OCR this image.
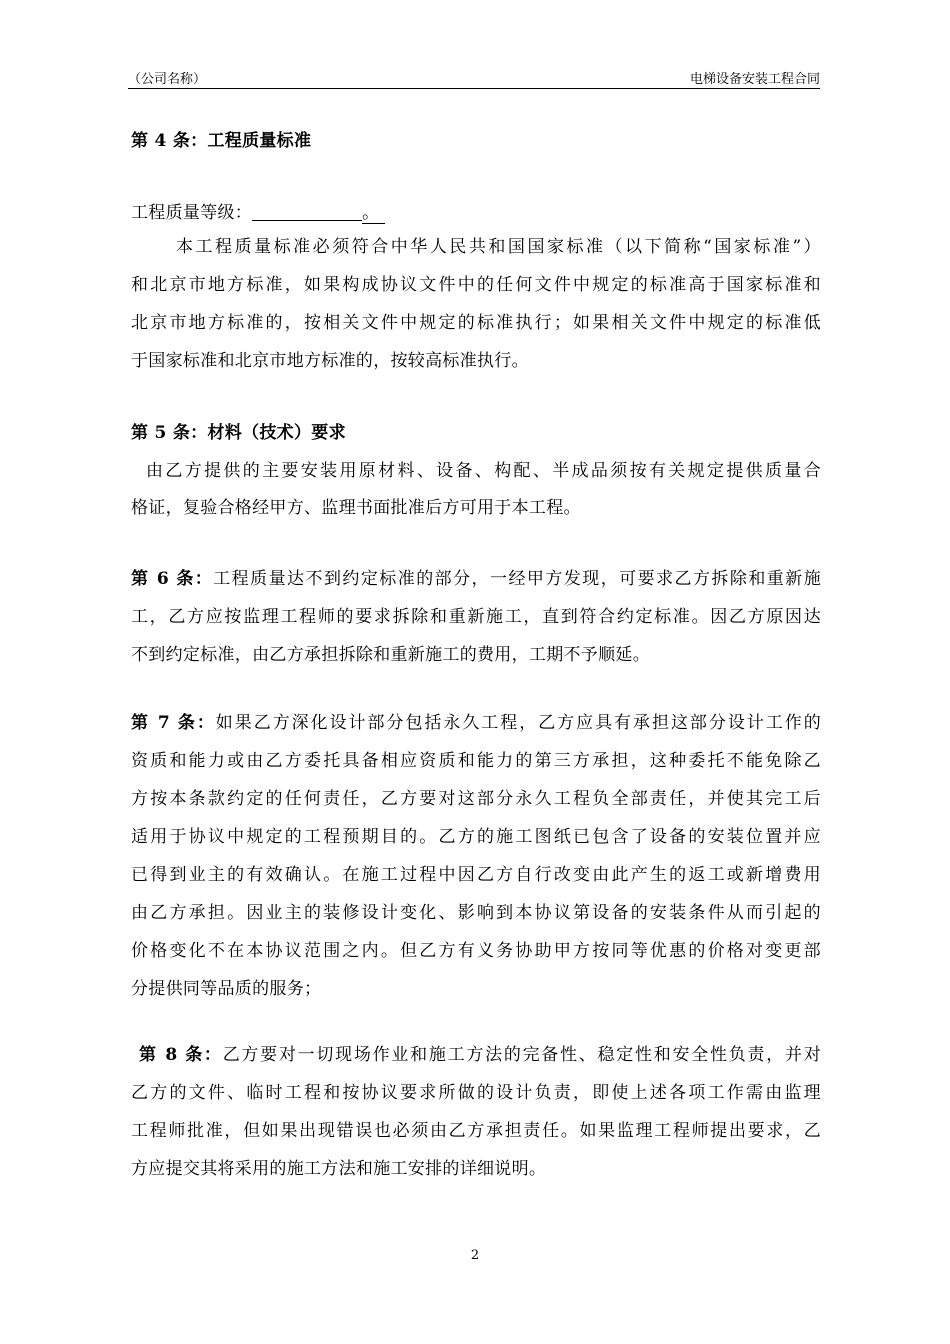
（公司名称）	电梯设备安装工程合同
第 4 条：工程质量标准
工程质量等级：	。
本工程质量标准必须符合中华人民共和国国家标准（以下简称“国家标准”）
和北京市地方标准，如果构成协议文件中的任何文件中规定的标准高于国家标准和
北京市地方标准的，按相关文件中规定的标准执行；如果相关文件中规定的标准低
于国家标准和北京市地方标准的，按较高标准执行。
第 5 条：材料（技术）要求
由乙方提供的主要安装用原材料、设备、构配、半成品须按有关规定提供质量合
格证，复验合格经甲方、监理书面批准后方可用于本工程。
第 6 条：工程质量达不到约定标准的部分，一经甲方发现，可要求乙方拆除和重新施
工，乙方应按监理工程师的要求拆除和重新施工，直到符合约定标准。因乙方原因达
不到约定标准，由乙方承担拆除和重新施工的费用，工期不予顺延。
第 7 条：如果乙方深化设计部分包括永久工程，乙方应具有承担这部分设计工作的
资质和能力或由乙方委托具备相应资质和能力的第三方承担，这种委托不能免除乙
方按本条款约定的任何责任，乙方要对这部分永久工程负全部责任，并使其完工后
适用于协议中规定的工程预期目的。乙方的施工图纸已包含了设备的安装位置并应
已得到业主的有效确认。在施工过程中因乙方自行改变由此产生的返工或新增费用
由乙方承担。因业主的装修设计变化、影响到本协议第设备的安装条件从而引起的
价格变化不在本协议范围之内。但乙方有义务协助甲方按同等优惠的价格对变更部
分提供同等品质的服务；
第 8 条：乙方要对一切现场作业和施工方法的完备性、稳定性和安全性负责，并对
乙方的文件、临时工程和按协议要求所做的设计负责，即使上述各项工作需由监理
工程师批准，但如果出现错误也必须由乙方承担责任。如果监理工程师提出要求，乙
方应提交其将采用的施工方法和施工安排的详细说明。
2
